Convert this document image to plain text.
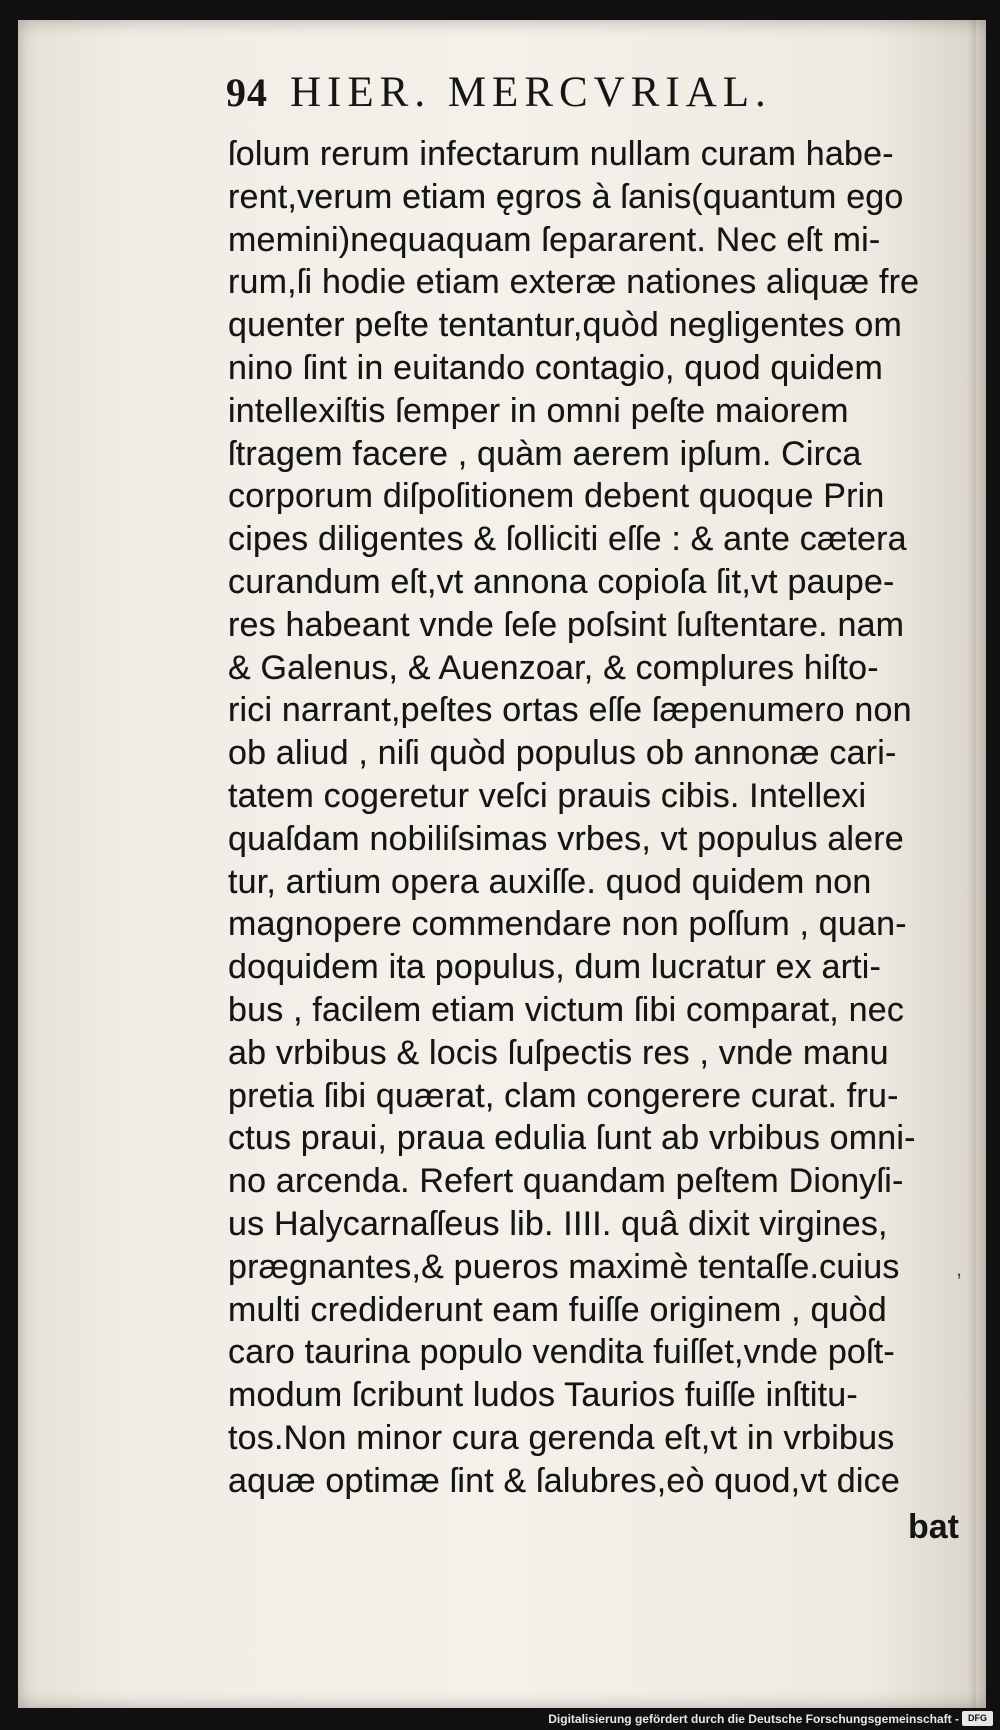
94 HIER. MERCVRIAL.
ſolum rerum infectarum nullam curam habe-
rent,verum etiam ęgros à ſanis(quantum ego
memini)nequaquam ſepararent. Nec eſt mi-
rum,ſi hodie etiam exteræ nationes aliquæ fre
quenter peſte tentantur,quòd negligentes om
nino ſint in euitando contagio, quod quidem
intellexiſtis ſemper in omni peſte maiorem
ſtragem facere , quàm aerem ipſum. Circa
corporum diſpoſitionem debent quoque Prin
cipes diligentes & ſolliciti eſſe : & ante cætera
curandum eſt,vt annona copioſa ſit,vt paupe-
res habeant vnde ſeſe poſsint ſuſtentare. nam
& Galenus, & Auenzoar, & complures hiſto-
rici narrant,peſtes ortas eſſe ſæpenumero non
ob aliud , niſi quòd populus ob annonæ cari-
tatem cogeretur veſci prauis cibis. Intellexi
quaſdam nobiliſsimas vrbes, vt populus alere
tur, artium opera auxiſſe. quod quidem non
magnopere commendare non poſſum , quan-
doquidem ita populus, dum lucratur ex arti-
bus , facilem etiam victum ſibi comparat, nec
ab vrbibus & locis ſuſpectis res , vnde manu
pretia ſibi quærat, clam congerere curat. fru-
ctus praui, praua edulia ſunt ab vrbibus omni-
no arcenda. Refert quandam peſtem Dionyſi-
us Halycarnaſſeus lib. IIII. quâ dixit virgines,
prægnantes,& pueros maximè tentaſſe.cuius
multi crediderunt eam fuiſſe originem , quòd
caro taurina populo vendita fuiſſet,vnde poſt-
modum ſcribunt ludos Taurios fuiſſe inſtitu-
tos.Non minor cura gerenda eſt,vt in vrbibus
aquæ optimæ ſint & ſalubres,eò quod,vt dice
bat
,
Digitalisierung gefördert durch die Deutsche Forschungsgemeinschaft -	DFG
